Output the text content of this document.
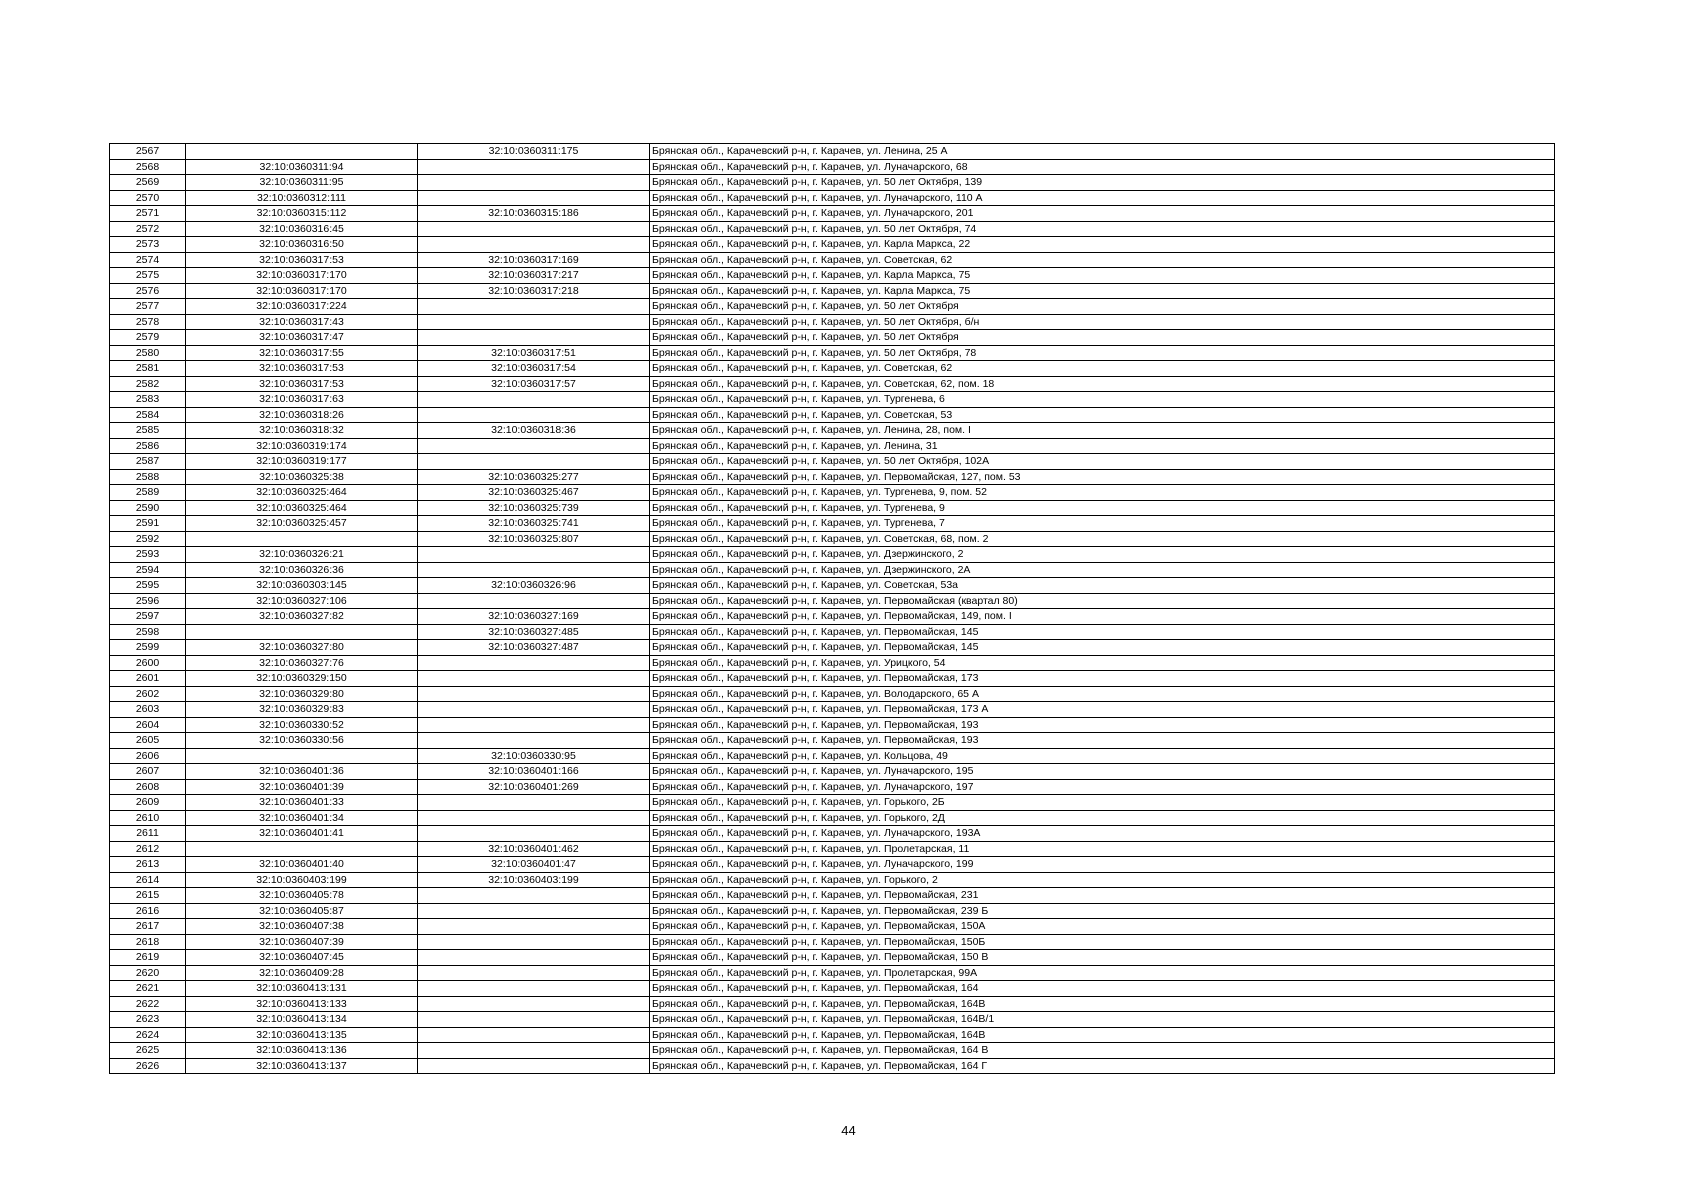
2567		32:10:0360311:175	Брянская обл., Карачевский р-н, г. Карачев, ул. Ленина, 25 А
2568	32:10:0360311:94		Брянская обл., Карачевский р-н, г. Карачев, ул. Луначарского, 68
2569	32:10:0360311:95		Брянская обл., Карачевский р-н, г. Карачев, ул. 50 лет Октября, 139
2570	32:10:0360312:111		Брянская обл., Карачевский р-н, г. Карачев, ул. Луначарского, 110 А
2571	32:10:0360315:112	32:10:0360315:186	Брянская обл., Карачевский р-н, г. Карачев, ул. Луначарского, 201
2572	32:10:0360316:45		Брянская обл., Карачевский р-н, г. Карачев, ул. 50 лет Октября, 74
2573	32:10:0360316:50		Брянская обл., Карачевский р-н, г. Карачев, ул. Карла Маркса, 22
2574	32:10:0360317:53	32:10:0360317:169	Брянская обл., Карачевский р-н, г. Карачев, ул. Советская, 62
2575	32:10:0360317:170	32:10:0360317:217	Брянская обл., Карачевский р-н, г. Карачев, ул. Карла Маркса, 75
2576	32:10:0360317:170	32:10:0360317:218	Брянская обл., Карачевский р-н, г. Карачев, ул. Карла Маркса, 75
2577	32:10:0360317:224		Брянская обл., Карачевский р-н, г. Карачев, ул. 50 лет Октября
2578	32:10:0360317:43		Брянская обл., Карачевский р-н, г. Карачев, ул. 50 лет Октября, б/н
2579	32:10:0360317:47		Брянская обл., Карачевский р-н, г. Карачев, ул. 50 лет Октября
2580	32:10:0360317:55	32:10:0360317:51	Брянская обл., Карачевский р-н, г. Карачев, ул. 50 лет Октября, 78
2581	32:10:0360317:53	32:10:0360317:54	Брянская обл., Карачевский р-н, г. Карачев, ул. Советская, 62
2582	32:10:0360317:53	32:10:0360317:57	Брянская обл., Карачевский р-н, г. Карачев, ул. Советская, 62, пом. 18
2583	32:10:0360317:63		Брянская обл., Карачевский р-н, г. Карачев, ул. Тургенева, 6
2584	32:10:0360318:26		Брянская обл., Карачевский р-н, г. Карачев, ул. Советская, 53
2585	32:10:0360318:32	32:10:0360318:36	Брянская обл., Карачевский р-н, г. Карачев, ул. Ленина, 28, пом. I
2586	32:10:0360319:174		Брянская обл., Карачевский р-н, г. Карачев, ул. Ленина, 31
2587	32:10:0360319:177		Брянская обл., Карачевский р-н, г. Карачев, ул. 50 лет Октября, 102А
2588	32:10:0360325:38	32:10:0360325:277	Брянская обл., Карачевский р-н, г. Карачев, ул. Первомайская, 127, пом. 53
2589	32:10:0360325:464	32:10:0360325:467	Брянская обл., Карачевский р-н, г. Карачев, ул. Тургенева, 9, пом. 52
2590	32:10:0360325:464	32:10:0360325:739	Брянская обл., Карачевский р-н, г. Карачев, ул. Тургенева, 9
2591	32:10:0360325:457	32:10:0360325:741	Брянская обл., Карачевский р-н, г. Карачев, ул. Тургенева, 7
2592		32:10:0360325:807	Брянская обл., Карачевский р-н, г. Карачев, ул. Советская, 68, пом. 2
2593	32:10:0360326:21		Брянская обл., Карачевский р-н, г. Карачев, ул. Дзержинского, 2
2594	32:10:0360326:36		Брянская обл., Карачевский р-н, г. Карачев, ул. Дзержинского, 2А
2595	32:10:0360303:145	32:10:0360326:96	Брянская обл., Карачевский р-н, г. Карачев, ул. Советская, 53а
2596	32:10:0360327:106		Брянская обл., Карачевский р-н, г. Карачев, ул. Первомайская (квартал 80)
2597	32:10:0360327:82	32:10:0360327:169	Брянская обл., Карачевский р-н, г. Карачев, ул. Первомайская, 149, пом. I
2598		32:10:0360327:485	Брянская обл., Карачевский р-н, г. Карачев, ул. Первомайская, 145
2599	32:10:0360327:80	32:10:0360327:487	Брянская обл., Карачевский р-н, г. Карачев, ул. Первомайская, 145
2600	32:10:0360327:76		Брянская обл., Карачевский р-н, г. Карачев, ул. Урицкого, 54
2601	32:10:0360329:150		Брянская обл., Карачевский р-н, г. Карачев, ул. Первомайская, 173
2602	32:10:0360329:80		Брянская обл., Карачевский р-н, г. Карачев, ул. Володарского, 65 А
2603	32:10:0360329:83		Брянская обл., Карачевский р-н, г. Карачев, ул. Первомайская, 173 А
2604	32:10:0360330:52		Брянская обл., Карачевский р-н, г. Карачев, ул. Первомайская, 193
2605	32:10:0360330:56		Брянская обл., Карачевский р-н, г. Карачев, ул. Первомайская, 193
2606		32:10:0360330:95	Брянская обл., Карачевский р-н, г. Карачев, ул. Кольцова, 49
2607	32:10:0360401:36	32:10:0360401:166	Брянская обл., Карачевский р-н, г. Карачев, ул. Луначарского, 195
2608	32:10:0360401:39	32:10:0360401:269	Брянская обл., Карачевский р-н, г. Карачев, ул. Луначарского, 197
2609	32:10:0360401:33		Брянская обл., Карачевский р-н, г. Карачев, ул. Горького, 2Б
2610	32:10:0360401:34		Брянская обл., Карачевский р-н, г. Карачев, ул. Горького, 2Д
2611	32:10:0360401:41		Брянская обл., Карачевский р-н, г. Карачев, ул. Луначарского, 193А
2612		32:10:0360401:462	Брянская обл., Карачевский р-н, г. Карачев, ул. Пролетарская, 11
2613	32:10:0360401:40	32:10:0360401:47	Брянская обл., Карачевский р-н, г. Карачев, ул. Луначарского, 199
2614	32:10:0360403:199	32:10:0360403:199	Брянская обл., Карачевский р-н, г. Карачев, ул. Горького, 2
2615	32:10:0360405:78		Брянская обл., Карачевский р-н, г. Карачев, ул. Первомайская, 231
2616	32:10:0360405:87		Брянская обл., Карачевский р-н, г. Карачев, ул. Первомайская, 239 Б
2617	32:10:0360407:38		Брянская обл., Карачевский р-н, г. Карачев, ул. Первомайская, 150А
2618	32:10:0360407:39		Брянская обл., Карачевский р-н, г. Карачев, ул. Первомайская, 150Б
2619	32:10:0360407:45		Брянская обл., Карачевский р-н, г. Карачев, ул. Первомайская, 150 В
2620	32:10:0360409:28		Брянская обл., Карачевский р-н, г. Карачев, ул. Пролетарская, 99А
2621	32:10:0360413:131		Брянская обл., Карачевский р-н, г. Карачев, ул. Первомайская, 164
2622	32:10:0360413:133		Брянская обл., Карачевский р-н, г. Карачев, ул. Первомайская, 164В
2623	32:10:0360413:134		Брянская обл., Карачевский р-н, г. Карачев, ул. Первомайская, 164В/1
2624	32:10:0360413:135		Брянская обл., Карачевский р-н, г. Карачев, ул. Первомайская, 164В
2625	32:10:0360413:136		Брянская обл., Карачевский р-н, г. Карачев, ул. Первомайская, 164 В
2626	32:10:0360413:137		Брянская обл., Карачевский р-н, г. Карачев, ул. Первомайская, 164 Г
44
